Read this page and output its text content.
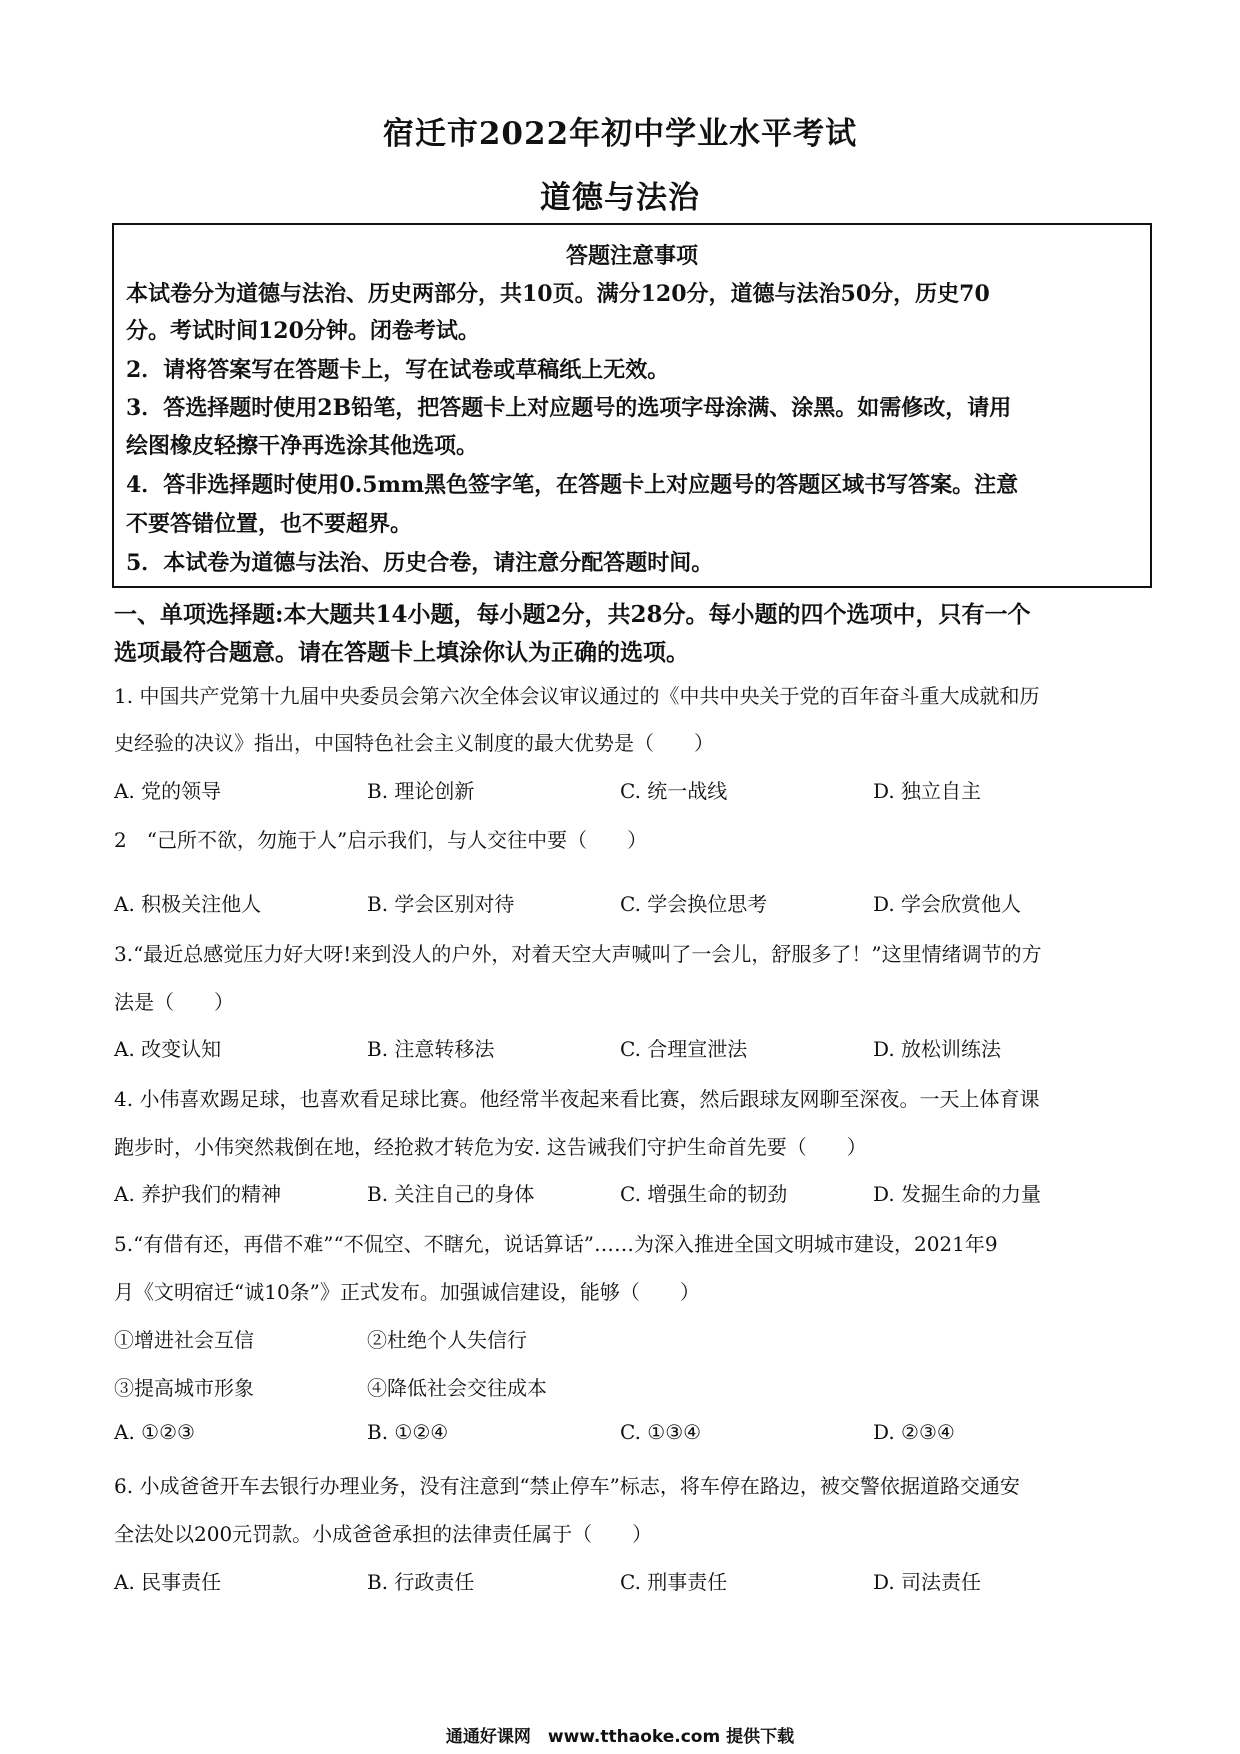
宿迁市2022年初中学业水平考试
道德与法治
答题注意事项
本试卷分为道德与法治、历史两部分，共10页。满分120分，道德与法治50分，历史70
分。考试时间120分钟。闭卷考试。
2．请将答案写在答题卡上，写在试卷或草稿纸上无效。
3．答选择题时使用2B铅笔，把答题卡上对应题号的选项字母涂满、涂黑。如需修改，请用
绘图橡皮轻擦干净再选涂其他选项。
4．答非选择题时使用0.5mm黑色签字笔，在答题卡上对应题号的答题区域书写答案。注意
不要答错位置，也不要超界。
5．本试卷为道德与法治、历史合卷，请注意分配答题时间。
一、单项选择题:本大题共14小题，每小题2分，共28分。每小题的四个选项中，只有一个
选项最符合题意。请在答题卡上填涂你认为正确的选项。
1. 中国共产党第十九届中央委员会第六次全体会议审议通过的《中共中央关于党的百年奋斗重大成就和历
史经验的决议》指出，中国特色社会主义制度的最大优势是（　　）
A. 党的领导	B. 理论创新	C. 统一战线	D. 独立自主
2　“己所不欲，勿施于人”启示我们，与人交往中要（　　）
A. 积极关注他人	B. 学会区别对待	C. 学会换位思考	D. 学会欣赏他人
3.“最近总感觉压力好大呀!来到没人的户外，对着天空大声喊叫了一会儿，舒服多了！”这里情绪调节的方
法是（　　）
A. 改变认知	B. 注意转移法	C. 合理宣泄法	D. 放松训练法
4. 小伟喜欢踢足球，也喜欢看足球比赛。他经常半夜起来看比赛，然后跟球友网聊至深夜。一天上体育课
跑步时，小伟突然栽倒在地，经抢救才转危为安. 这告诫我们守护生命首先要（　　）
A. 养护我们的精神	B. 关注自己的身体	C. 增强生命的韧劲	D. 发掘生命的力量
5.“有借有还，再借不难”“不侃空、不瞎允，说话算话”……为深入推进全国文明城市建设，2021年9
月《文明宿迁“诚10条”》正式发布。加强诚信建设，能够（　　）
①增进社会互信	②杜绝个人失信行
③提高城市形象	④降低社会交往成本
A. ①②③	B. ①②④	C. ①③④	D. ②③④
6. 小成爸爸开车去银行办理业务，没有注意到“禁止停车”标志，将车停在路边，被交警依据道路交通安
全法处以200元罚款。小成爸爸承担的法律责任属于（　　）
A. 民事责任	B. 行政责任	C. 刑事责任	D. 司法责任
通通好课网　www.tthaoke.com 提供下载
